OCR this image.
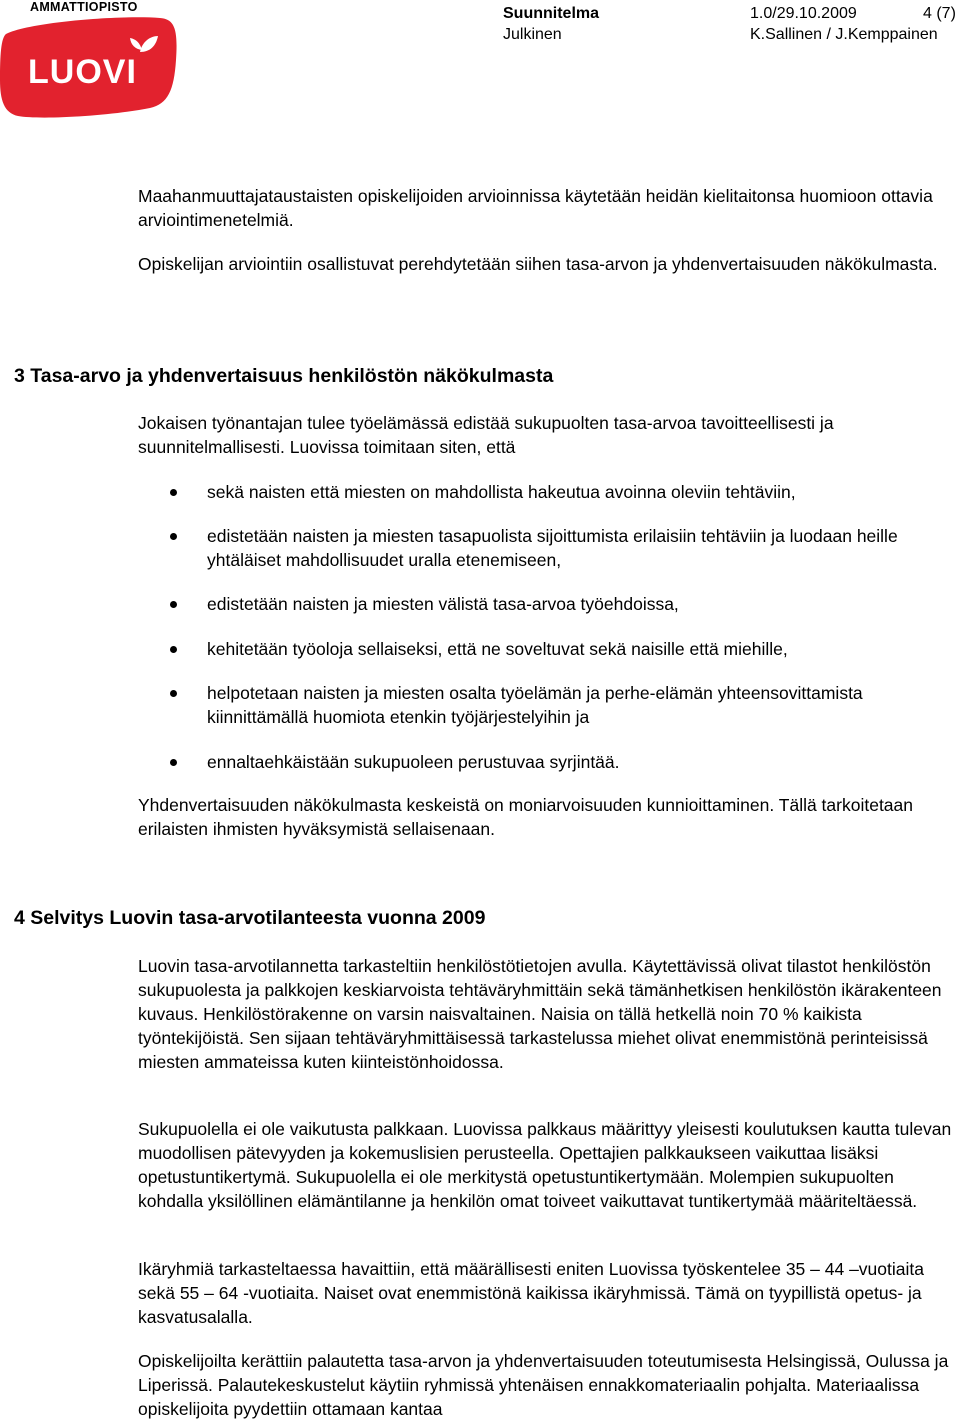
AMMATTIOPISTO
LUOVI
Suunnitelma	1.0/29.10.2009	4 (7)
Julkinen	K.Sallinen / J.Kemppainen

Maahanmuuttajataustaisten opiskelijoiden arvioinnissa käytetään heidän kielitaitonsa huomioon ottavia arviointimenetelmiä.

Opiskelijan arviointiin osallistuvat perehdytetään siihen tasa-arvon ja yhdenvertaisuuden näkökulmasta.

3 Tasa-arvo ja yhdenvertaisuus henkilöstön näkökulmasta

Jokaisen työnantajan tulee työelämässä edistää sukupuolten tasa-arvoa tavoitteellisesti ja suunnitelmallisesti. Luovissa toimitaan siten, että

sekä naisten että miesten on mahdollista hakeutua avoinna oleviin tehtäviin,
edistetään naisten ja miesten tasapuolista sijoittumista erilaisiin tehtäviin ja luodaan heille yhtäläiset mahdollisuudet uralla etenemiseen,
edistetään naisten ja miesten välistä tasa-arvoa työehdoissa,
kehitetään työoloja sellaiseksi, että ne soveltuvat sekä naisille että miehille,
helpotetaan naisten ja miesten osalta työelämän ja perhe-elämän yhteensovittamista kiinnittämällä huomiota etenkin työjärjestelyihin ja
ennaltaehkäistään sukupuoleen perustuvaa syrjintää.

Yhdenvertaisuuden näkökulmasta keskeistä on moniarvoisuuden kunnioittaminen. Tällä tarkoitetaan erilaisten ihmisten hyväksymistä sellaisenaan.

4 Selvitys Luovin tasa-arvotilanteesta vuonna 2009

Luovin tasa-arvotilannetta tarkasteltiin henkilöstötietojen avulla. Käytettävissä olivat tilastot henkilöstön sukupuolesta ja palkkojen keskiarvoista tehtäväryhmittäin sekä tämänhetkisen henkilöstön ikärakenteen kuvaus. Henkilöstörakenne on varsin naisvaltainen. Naisia on tällä hetkellä noin 70 % kaikista työntekijöistä. Sen sijaan tehtäväryhmittäisessä tarkastelussa miehet olivat enemmistönä perinteisissä miesten ammateissa kuten kiinteistönhoidossa.

Sukupuolella ei ole vaikutusta palkkaan. Luovissa palkkaus määrittyy yleisesti koulutuksen kautta tulevan muodollisen pätevyyden ja kokemuslisien perusteella. Opettajien palkkaukseen vaikuttaa lisäksi opetustuntikertymä. Sukupuolella ei ole merkitystä opetustuntikertymään. Molempien sukupuolten kohdalla yksilöllinen elämäntilanne ja henkilön omat toiveet vaikuttavat tuntikertymää määriteltäessä.

Ikäryhmiä tarkasteltaessa havaittiin, että määrällisesti eniten Luovissa työskentelee 35 – 44 –vuotiaita sekä 55 – 64 -vuotiaita. Naiset ovat enemmistönä kaikissa ikäryhmissä. Tämä on tyypillistä opetus- ja kasvatusalalla.

Opiskelijoilta kerättiin palautetta tasa-arvon ja yhdenvertaisuuden toteutumisesta Helsingissä, Oulussa ja Liperissä. Palautekeskustelut käytiin ryhmissä yhtenäisen ennakkomateriaalin pohjalta. Materiaalissa opiskelijoita pyydettiin ottamaan kantaa
